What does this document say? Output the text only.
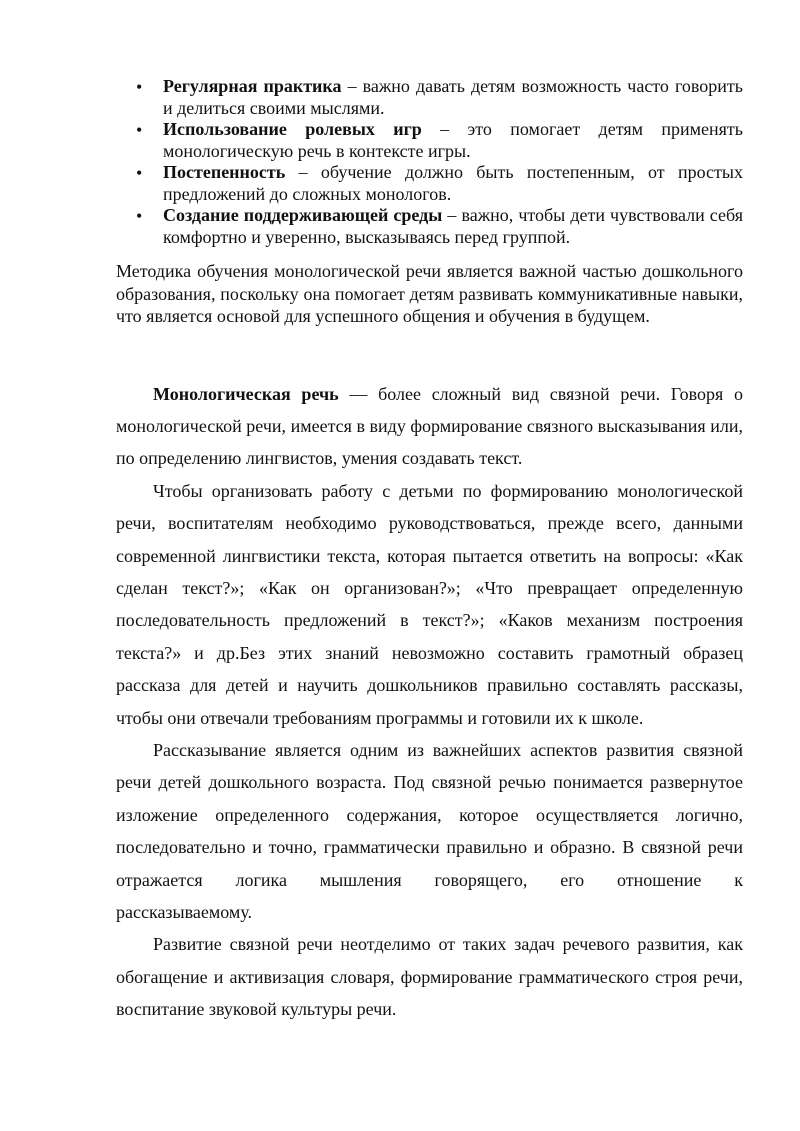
• Регулярная практика – важно давать детям возможность часто говорить и делиться своими мыслями.
• Использование ролевых игр – это помогает детям применять монологическую речь в контексте игры.
• Постепенность – обучение должно быть постепенным, от простых предложений до сложных монологов.
• Создание поддерживающей среды – важно, чтобы дети чувствовали себя комфортно и уверенно, высказываясь перед группой.

Методика обучения монологической речи является важной частью дошкольного образования, поскольку она помогает детям развивать коммуникативные навыки, что является основой для успешного общения и обучения в будущем.

Монологическая речь — более сложный вид связной речи. Говоря о монологической речи, имеется в виду формирование связного высказывания или, по определению лингвистов, умения создавать текст.

Чтобы организовать работу с детьми по формированию монологической речи, воспитателям необходимо руководствоваться, прежде всего, данными современной лингвистики текста, которая пытается ответить на вопросы: «Как сделан текст?»; «Как он организован?»; «Что превращает определенную последовательность предложений в текст?»; «Каков механизм построения текста?» и др.Без этих знаний невозможно составить грамотный образец рассказа для детей и научить дошкольников правильно составлять рассказы, чтобы они отвечали требованиям программы и готовили их к школе.

Рассказывание является одним из важнейших аспектов развития связной речи детей дошкольного возраста. Под связной речью понимается развернутое изложение определенного содержания, которое осуществляется логично, последовательно и точно, грамматически правильно и образно. В связной речи отражается логика мышления говорящего, его отношение к

рассказываемому.

Развитие связной речи неотделимо от таких задач речевого развития, как обогащение и активизация словаря, формирование грамматического строя речи, воспитание звуковой культуры речи.
